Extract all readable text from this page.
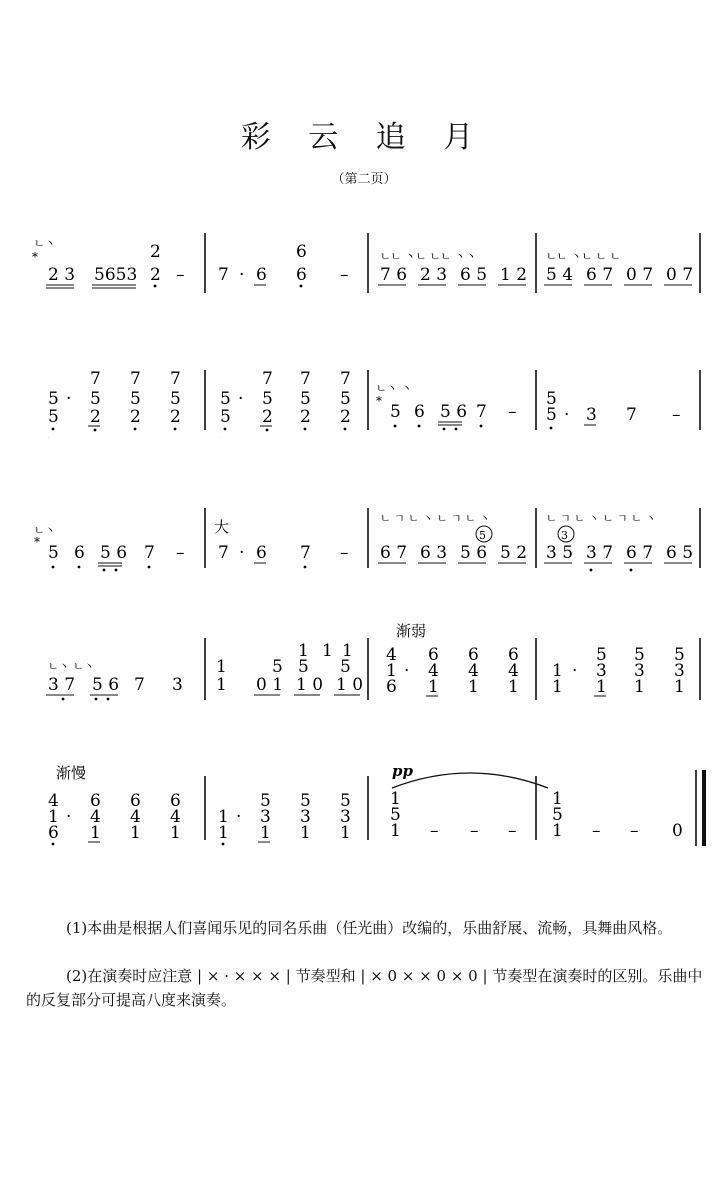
彩 云 追 月
（第二页）
ㄴ丶
*
2 3 5653
2
2 – 7 · 6
6
6 –
ㄴㄴ 丶ㄴ ㄴㄴ 丶丶
7 6 2 3 6 5 1 2
ㄴㄴ 丶ㄴ ㄴ ㄴ
5 4 6 7 0 7 0 7
7
5 · 5
7
5
7
5
5 2 2 2
2
7
5 · 5
7
5
7
5
5 2 2 2
2
ㄴ丶 丶
*
5 6 5 6 7 –
5
5 · 3 7 –
ㄴ丶
*
5 6 5 6 7 –
大
7 · 6 7 –
ㄴ ㄱ ㄴ 丶 ㄴ ㄱ ㄴ 丶
5
6 7 6 3 5 6 5 2
ㄴ ㄱ ㄴ 丶 ㄴ ㄱ ㄴ 丶
3
3 5 3 7 6 7 6 5
ㄴ丶 ㄴ丶
3 7 5 6 7 3
1 1 1
1
1
5 5 5
0 1 1 0 1 0
渐弱
4 6 6 6
1 · 4 4 4
6 1 1 1
5 5 5
1 · 3 3 3
1 1 1 1
渐慢
4 6 6 6
1 · 4 4 4
6 1 1 1
5 5 5
1 · 3 3 3
1 1 1 1
pp
1
5
1 – – –
1
5
1 – – 0
(1)本曲是根据人们喜闻乐见的同名乐曲（任光曲）改编的，乐曲舒展、流畅，具舞曲风格。
(2)在演奏时应注意 | × · × × × | 节奏型和 | × 0 × × 0 × 0 | 节奏型在演奏时的区别。乐曲中的反复部分可提高八度来演奏。
